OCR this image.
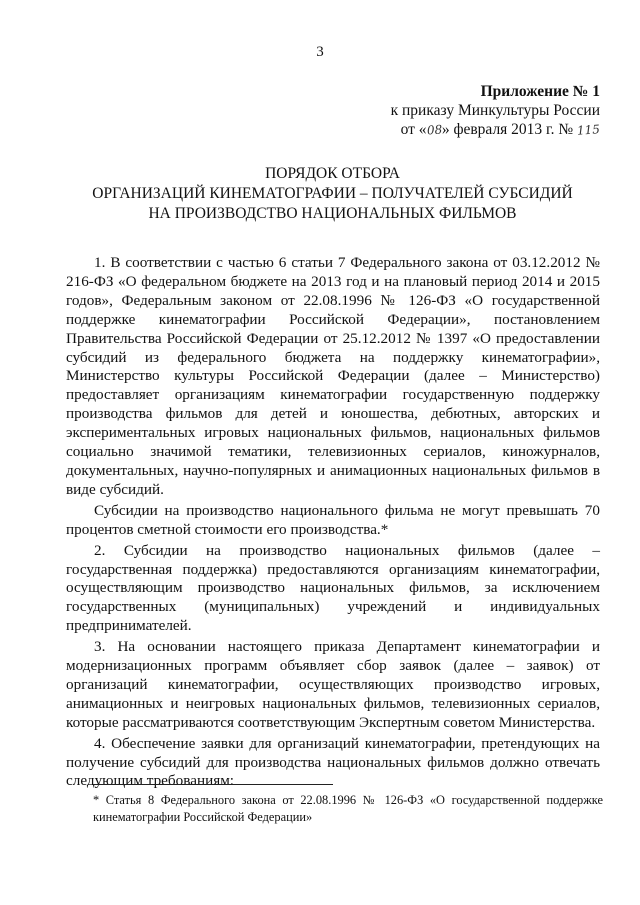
3
Приложение № 1
к приказу Минкультуры России
от «08» февраля 2013 г. № 115
ПОРЯДОК ОТБОРА
ОРГАНИЗАЦИЙ КИНЕМАТОГРАФИИ – ПОЛУЧАТЕЛЕЙ СУБСИДИЙ
НА ПРОИЗВОДСТВО НАЦИОНАЛЬНЫХ ФИЛЬМОВ

1. В соответствии с частью 6 статьи 7 Федерального закона от 03.12.2012 № 216-ФЗ «О федеральном бюджете на 2013 год и на плановый период 2014 и 2015 годов», Федеральным законом от 22.08.1996 № 126-ФЗ «О государственной поддержке кинематографии Российской Федерации», постановлением Правительства Российской Федерации от 25.12.2012 № 1397 «О предоставлении субсидий из федерального бюджета на поддержку кинематографии», Министерство культуры Российской Федерации (далее – Министерство) предоставляет организациям кинематографии государственную поддержку производства фильмов для детей и юношества, дебютных, авторских и экспериментальных игровых национальных фильмов, национальных фильмов социально значимой тематики, телевизионных сериалов, киножурналов, документальных, научно-популярных и анимационных национальных фильмов в виде субсидий.

Субсидии на производство национального фильма не могут превышать 70 процентов сметной стоимости его производства.*

2. Субсидии на производство национальных фильмов (далее – государственная поддержка) предоставляются организациям кинематографии, осуществляющим производство национальных фильмов, за исключением государственных (муниципальных) учреждений и индивидуальных предпринимателей.

3. На основании настоящего приказа Департамент кинематографии и модернизационных программ объявляет сбор заявок (далее – заявок) от организаций кинематографии, осуществляющих производство игровых, анимационных и неигровых национальных фильмов, телевизионных сериалов, которые рассматриваются соответствующим Экспертным советом Министерства.

4. Обеспечение заявки для организаций кинематографии, претендующих на получение субсидий для производства национальных фильмов должно отвечать следующим требованиям:

* Статья 8 Федерального закона от 22.08.1996 № 126-ФЗ «О государственной поддержке кинематографии Российской Федерации»
